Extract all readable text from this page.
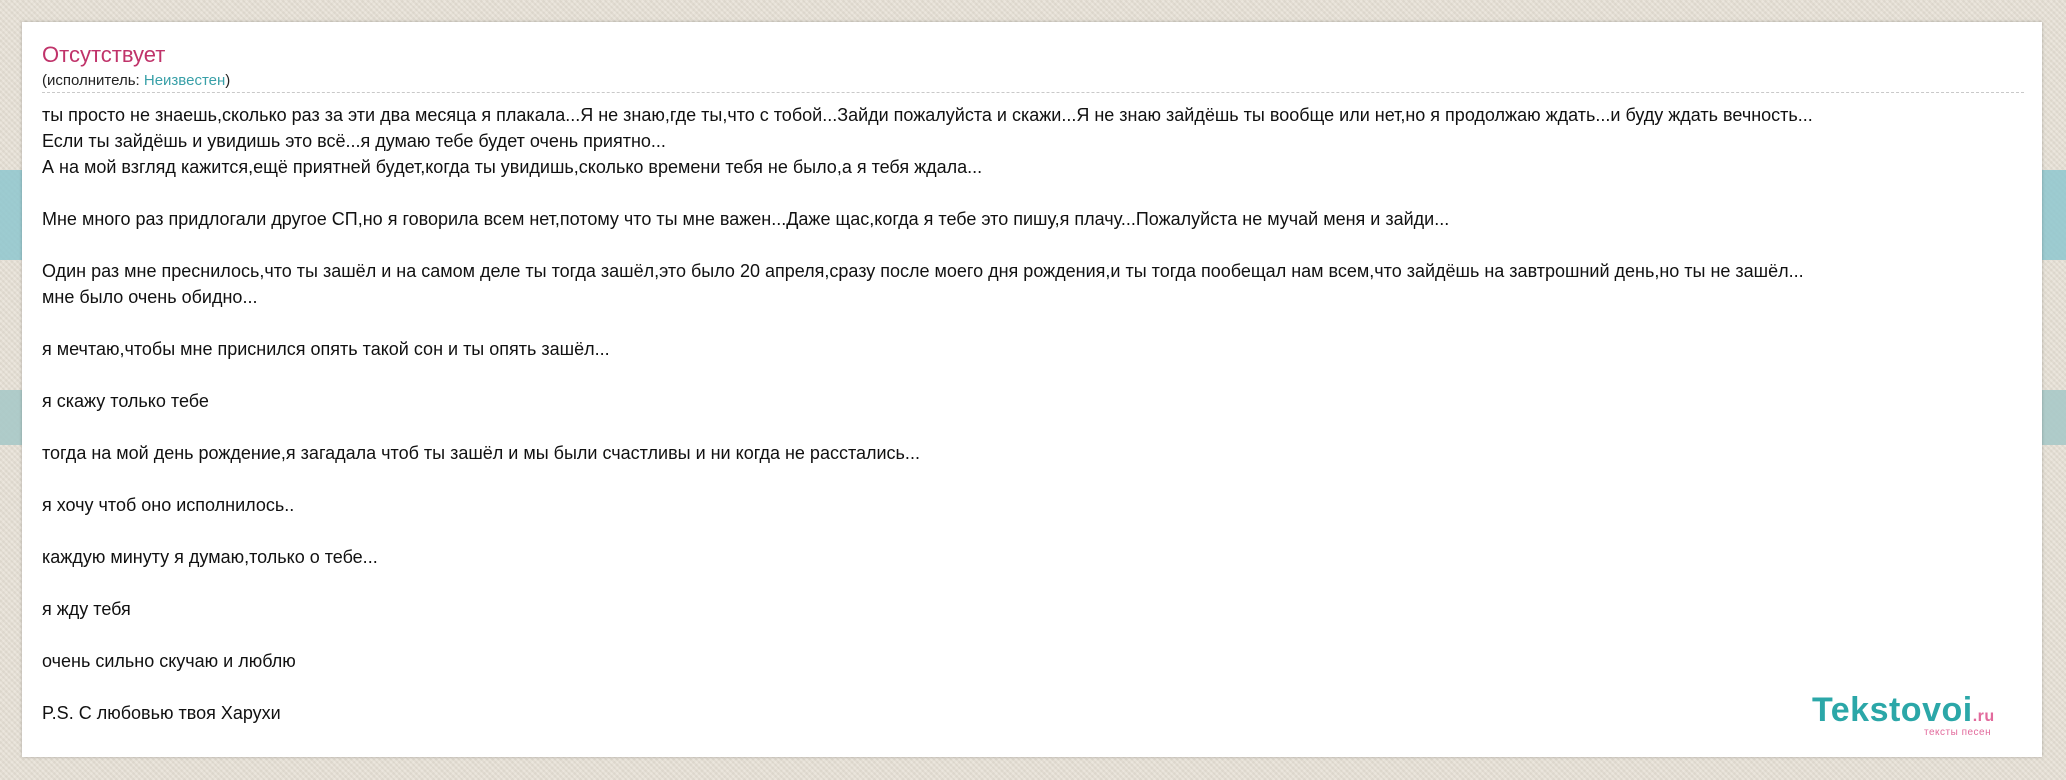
Отсутствует
(исполнитель: Неизвестен)
ты просто не знаешь,сколько раз за эти два месяца я плакала...Я не знаю,где ты,что с тобой...Зайди пожалуйста и скажи...Я не знаю зайдёшь ты вообще или нет,но я продолжаю ждать...и буду ждать вечность...
Если ты зайдёшь и увидишь это всё...я думаю тебе будет очень приятно...
А на мой взгляд кажится,ещё приятней будет,когда ты увидишь,сколько времени тебя не было,а я тебя ждала...
Мне много раз придлогали другое СП,но я говорила всем нет,потому что ты мне важен...Даже щас,когда я тебе это пишу,я плачу...Пожалуйста не мучай меня и зайди...
Один раз мне преснилось,что ты зашёл и на самом деле ты тогда зашёл,это было 20 апреля,сразу после моего дня рождения,и ты тогда пообещал нам всем,что зайдёшь на завтрошний день,но ты не зашёл...
мне было очень обидно...
я мечтаю,чтобы мне приснился опять такой сон и ты опять зашёл...
я скажу только тебе
тогда на мой день рождение,я загадала чтоб ты зашёл и мы были счастливы и ни когда не расстались...
я хочу чтоб оно исполнилось..
каждую минуту я думаю,только о тебе...
я жду тебя
очень сильно скучаю и люблю
P.S. С любовью твоя Харухи	Tekstovoi.ru
тексты песен
